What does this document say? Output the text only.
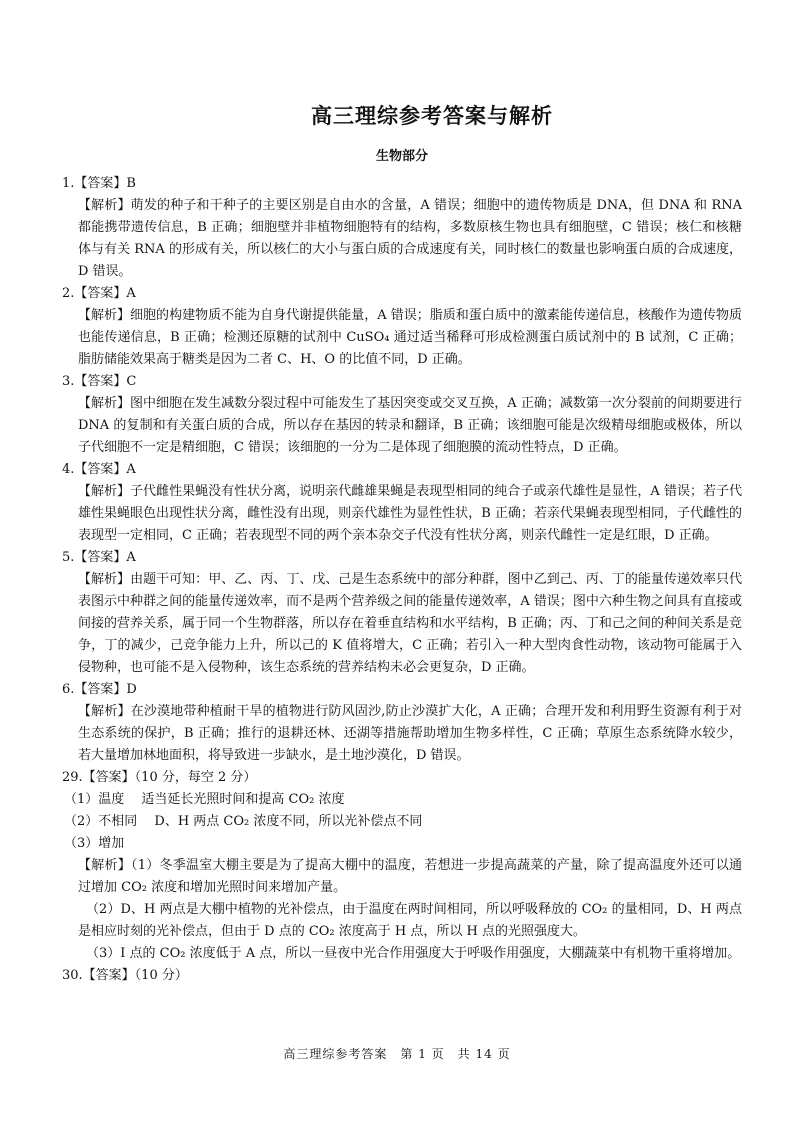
高三理综参考答案与解析
生物部分

1.【答案】B

【解析】萌发的种子和干种子的主要区别是自由水的含量，A 错误；细胞中的遗传物质是 DNA，但 DNA 和 RNA 都能携带遗传信息，B 正确；细胞壁并非植物细胞特有的结构，多数原核生物也具有细胞壁，C 错误；核仁和核糖体与有关 RNA 的形成有关，所以核仁的大小与蛋白质的合成速度有关，同时核仁的数量也影响蛋白质的合成速度，D 错误。

2.【答案】A

【解析】细胞的构建物质不能为自身代谢提供能量，A 错误；脂质和蛋白质中的激素能传递信息，核酸作为遗传物质也能传递信息，B 正确；检测还原糖的试剂中 CuSO₄ 通过适当稀释可形成检测蛋白质试剂中的 B 试剂，C 正确；脂肪储能效果高于糖类是因为二者 C、H、O 的比值不同，D 正确。

3.【答案】C

【解析】图中细胞在发生减数分裂过程中可能发生了基因突变或交叉互换，A 正确；减数第一次分裂前的间期要进行 DNA 的复制和有关蛋白质的合成，所以存在基因的转录和翻译，B 正确；该细胞可能是次级精母细胞或极体，所以子代细胞不一定是精细胞，C 错误；该细胞的一分为二是体现了细胞膜的流动性特点，D 正确。

4.【答案】A

【解析】子代雌性果蝇没有性状分离，说明亲代雌雄果蝇是表现型相同的纯合子或亲代雄性是显性，A 错误；若子代雄性果蝇眼色出现性状分离，雌性没有出现，则亲代雄性为显性性状，B 正确；若亲代果蝇表现型相同，子代雌性的表现型一定相同，C 正确；若表现型不同的两个亲本杂交子代没有性状分离，则亲代雌性一定是红眼，D 正确。

5.【答案】A

【解析】由题干可知：甲、乙、丙、丁、戊、己是生态系统中的部分种群，图中乙到己、丙、丁的能量传递效率只代表图示中种群之间的能量传递效率，而不是两个营养级之间的能量传递效率，A 错误；图中六种生物之间具有直接或间接的营养关系，属于同一个生物群落，所以存在着垂直结构和水平结构，B 正确；丙、丁和己之间的种间关系是竞争，丁的减少，己竞争能力上升，所以己的 K 值将增大，C 正确；若引入一种大型肉食性动物，该动物可能属于入侵物种，也可能不是入侵物种，该生态系统的营养结构未必会更复杂，D 正确。

6.【答案】D

【解析】在沙漠地带种植耐干旱的植物进行防风固沙,防止沙漠扩大化，A 正确；合理开发和利用野生资源有利于对生态系统的保护，B 正确；推行的退耕还林、还湖等措施帮助增加生物多样性，C 正确；草原生态系统降水较少，若大量增加林地面积，将导致进一步缺水，是土地沙漠化，D 错误。

29.【答案】（10 分，每空 2 分）

（1）温度　 适当延长光照时间和提高 CO₂ 浓度

（2）不相同　 D、H 两点 CO₂ 浓度不同，所以光补偿点不同

（3）增加

【解析】（1）冬季温室大棚主要是为了提高大棚中的温度，若想进一步提高蔬菜的产量，除了提高温度外还可以通过增加 CO₂ 浓度和增加光照时间来增加产量。

（2）D、H 两点是大棚中植物的光补偿点，由于温度在两时间相同，所以呼吸释放的 CO₂ 的量相同，D、H 两点是相应时刻的光补偿点，但由于 D 点的 CO₂ 浓度高于 H 点，所以 H 点的光照强度大。

（3）I 点的 CO₂ 浓度低于 A 点，所以一昼夜中光合作用强度大于呼吸作用强度，大棚蔬菜中有机物干重将增加。

30.【答案】（10 分）

高三理综参考答案　第 1 页　共 14 页
